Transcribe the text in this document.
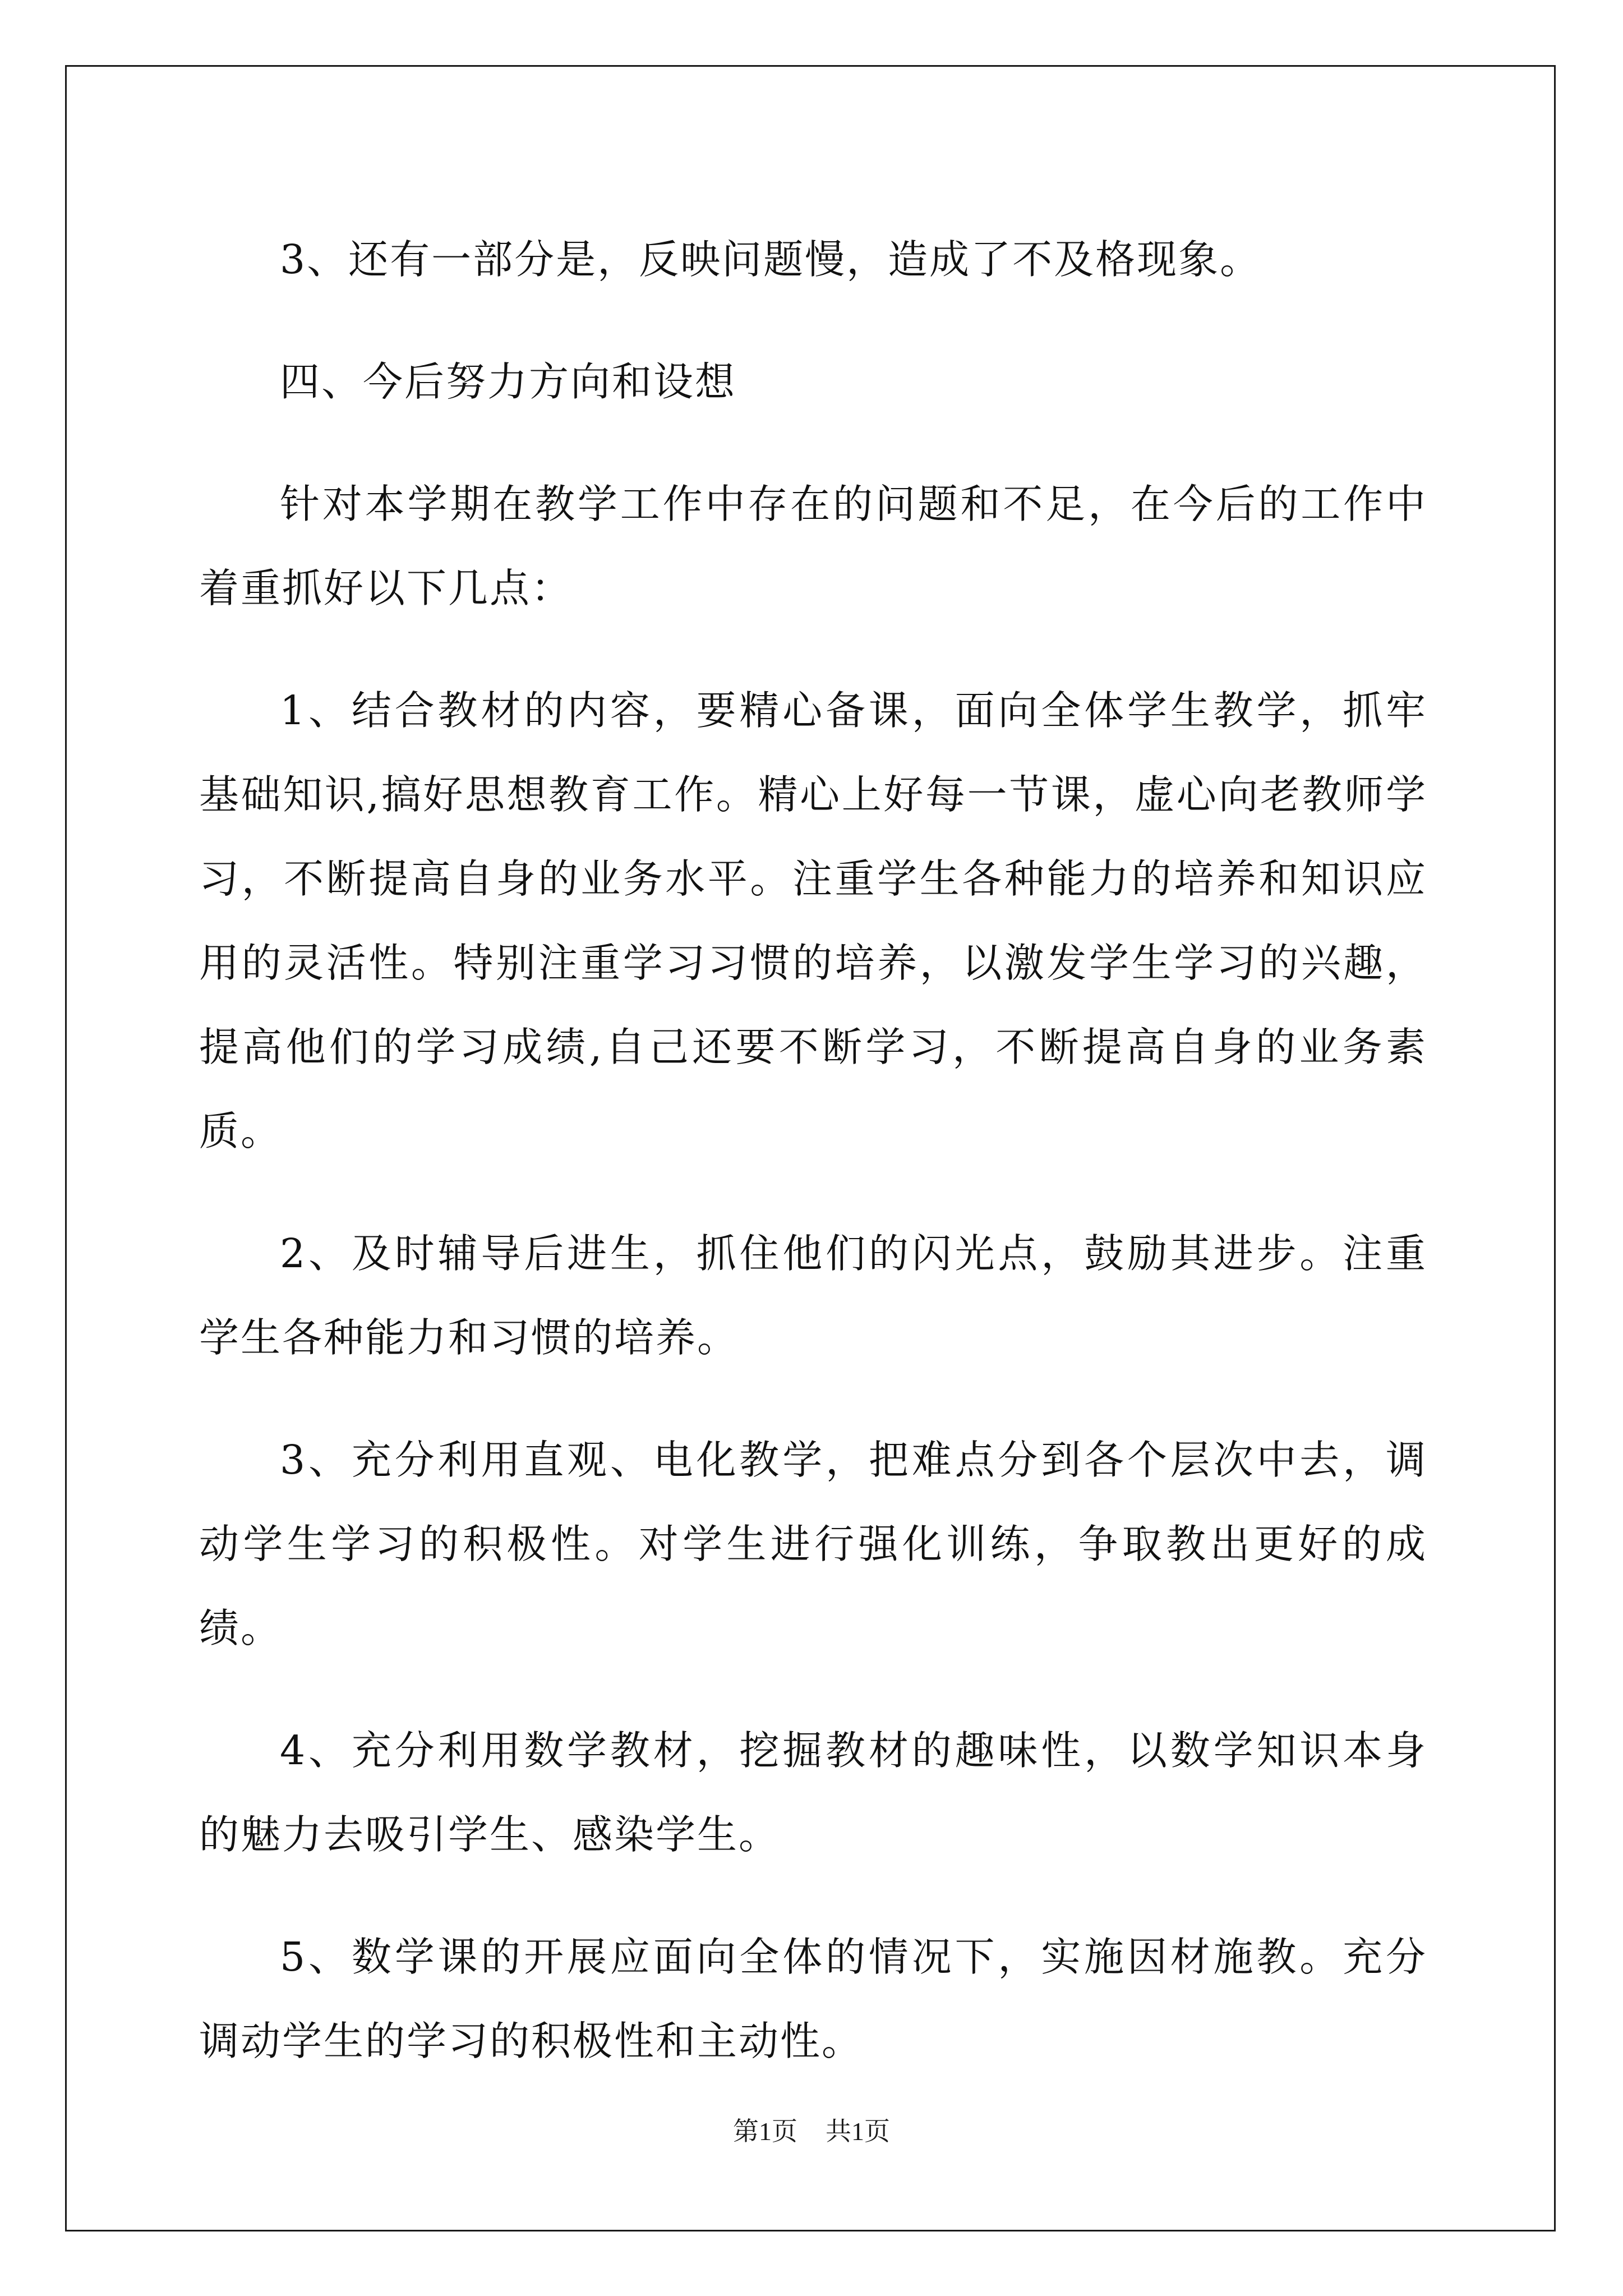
3、还有一部分是，反映问题慢，造成了不及格现象。

四、今后努力方向和设想

针对本学期在教学工作中存在的问题和不足，在今后的工作中着重抓好以下几点：

1、结合教材的内容，要精心备课，面向全体学生教学，抓牢基础知识,搞好思想教育工作。精心上好每一节课，虚心向老教师学习，不断提高自身的业务水平。注重学生各种能力的培养和知识应用的灵活性。特别注重学习习惯的培养，以激发学生学习的兴趣，提高他们的学习成绩,自己还要不断学习，不断提高自身的业务素质。

2、及时辅导后进生，抓住他们的闪光点，鼓励其进步。注重学生各种能力和习惯的培养。

3、充分利用直观、电化教学，把难点分到各个层次中去，调动学生学习的积极性。对学生进行强化训练，争取教出更好的成绩。

4、充分利用数学教材，挖掘教材的趣味性，以数学知识本身的魅力去吸引学生、感染学生。

5、数学课的开展应面向全体的情况下，实施因材施教。充分调动学生的学习的积极性和主动性。

第1页 共1页
